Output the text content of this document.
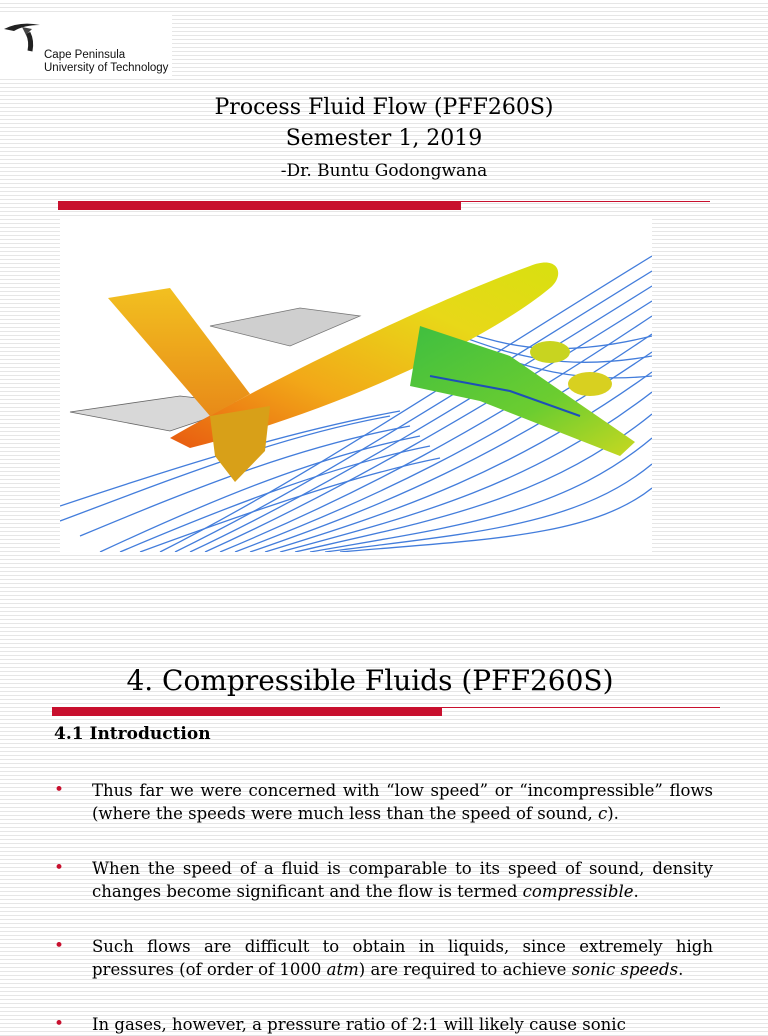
Cape Peninsula
University of Technology
Process Fluid Flow (PFF260S)
Semester 1, 2019
-Dr. Buntu Godongwana
4. Compressible Fluids (PFF260S)
4.1 Introduction
• Thus far we were concerned with “low speed” or “incompressible” flows (where the speeds were much less than the speed of sound, c).
• When the speed of a fluid is comparable to its speed of sound, density changes become significant and the flow is termed compressible.
• Such flows are difficult to obtain in liquids, since extremely high pressures (of order of 1000 atm) are required to achieve sonic speeds.
• In gases, however, a pressure ratio of 2:1 will likely cause sonic
